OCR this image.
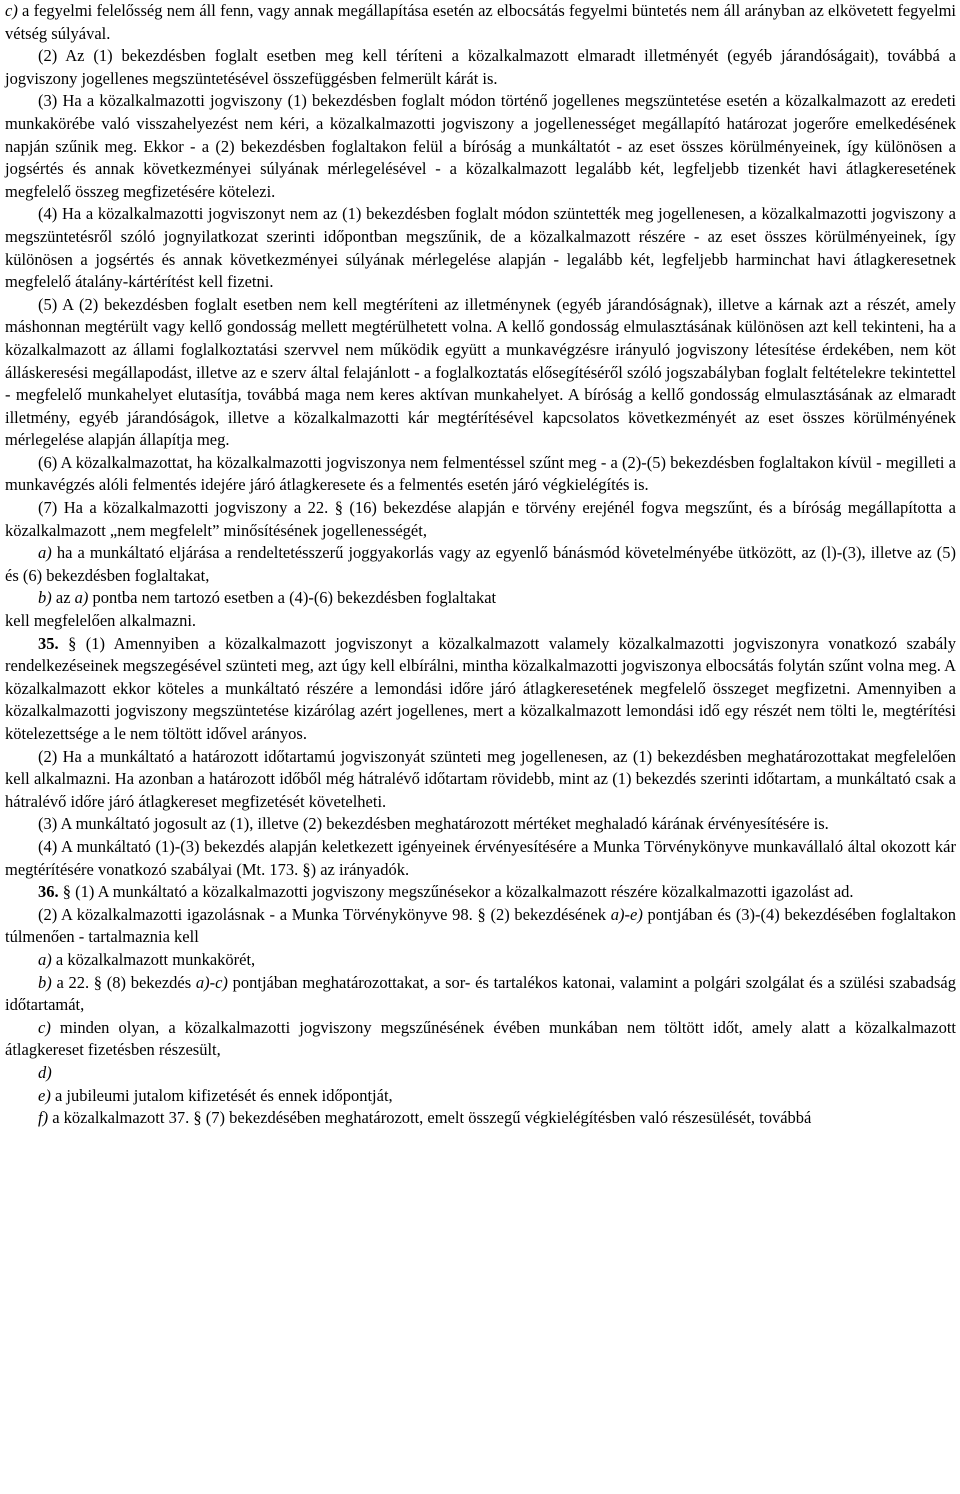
c) a fegyelmi felelősség nem áll fenn, vagy annak megállapítása esetén az elbocsátás fegyelmi büntetés nem áll arányban az elkövetett fegyelmi vétség súlyával.

(2) Az (1) bekezdésben foglalt esetben meg kell téríteni a közalkalmazott elmaradt illetményét (egyéb járandóságait), továbbá a jogviszony jogellenes megszüntetésével összefüggésben felmerült kárát is.

(3) Ha a közalkalmazotti jogviszony (1) bekezdésben foglalt módon történő jogellenes megszüntetése esetén a közalkalmazott az eredeti munkakörébe való visszahelyezést nem kéri, a közalkalmazotti jogviszony a jogellenességet megállapító határozat jogerőre emelkedésének napján szűnik meg. Ekkor - a (2) bekezdésben foglaltakon felül a bíróság a munkáltatót - az eset összes körülményeinek, így különösen a jogsértés és annak következményei súlyának mérlegelésével - a közalkalmazott legalább két, legfeljebb tizenkét havi átlagkeresetének megfelelő összeg megfizetésére kötelezi.

(4) Ha a közalkalmazotti jogviszonyt nem az (1) bekezdésben foglalt módon szüntették meg jogellenesen, a közalkalmazotti jogviszony a megszüntetésről szóló jognyilatkozat szerinti időpontban megszűnik, de a közalkalmazott részére - az eset összes körülményeinek, így különösen a jogsértés és annak következményei súlyának mérlegelése alapján - legalább két, legfeljebb harminchat havi átlagkeresetnek megfelelő átalány-kártérítést kell fizetni.

(5) A (2) bekezdésben foglalt esetben nem kell megtéríteni az illetménynek (egyéb járandóságnak), illetve a kárnak azt a részét, amely máshonnan megtérült vagy kellő gondosság mellett megtérülhetett volna. A kellő gondosság elmulasztásának különösen azt kell tekinteni, ha a közalkalmazott az állami foglalkoztatási szervvel nem működik együtt a munkavégzésre irányuló jogviszony létesítése érdekében, nem köt álláskeresési megállapodást, illetve az e szerv által felajánlott - a foglalkoztatás elősegítéséről szóló jogszabályban foglalt feltételekre tekintettel - megfelelő munkahelyet elutasítja, továbbá maga nem keres aktívan munkahelyet. A bíróság a kellő gondosság elmulasztásának az elmaradt illetmény, egyéb járandóságok, illetve a közalkalmazotti kár megtérítésével kapcsolatos következményét az eset összes körülményének mérlegelése alapján állapítja meg.

(6) A közalkalmazottat, ha közalkalmazotti jogviszonya nem felmentéssel szűnt meg - a (2)-(5) bekezdésben foglaltakon kívül - megilleti a munkavégzés alóli felmentés idejére járó átlagkeresete és a felmentés esetén járó végkielégítés is.

(7) Ha a közalkalmazotti jogviszony a 22. § (16) bekezdése alapján e törvény erejénél fogva megszűnt, és a bíróság megállapította a közalkalmazott „nem megfelelt” minősítésének jogellenességét,

a) ha a munkáltató eljárása a rendeltetésszerű joggyakorlás vagy az egyenlő bánásmód követelményébe ütközött, az (l)-(3), illetve az (5) és (6) bekezdésben foglaltakat,

b) az a) pontba nem tartozó esetben a (4)-(6) bekezdésben foglaltakat

kell megfelelően alkalmazni.

35. § (1) Amennyiben a közalkalmazott jogviszonyt a közalkalmazott valamely közalkalmazotti jogviszonyra vonatkozó szabály rendelkezéseinek megszegésével szünteti meg, azt úgy kell elbírálni, mintha közalkalmazotti jogviszonya elbocsátás folytán szűnt volna meg. A közalkalmazott ekkor köteles a munkáltató részére a lemondási időre járó átlagkeresetének megfelelő összeget megfizetni. Amennyiben a közalkalmazotti jogviszony megszüntetése kizárólag azért jogellenes, mert a közalkalmazott lemondási idő egy részét nem tölti le, megtérítési kötelezettsége a le nem töltött idővel arányos.

(2) Ha a munkáltató a határozott időtartamú jogviszonyát szünteti meg jogellenesen, az (1) bekezdésben meghatározottakat megfelelően kell alkalmazni. Ha azonban a határozott időből még hátralévő időtartam rövidebb, mint az (1) bekezdés szerinti időtartam, a munkáltató csak a hátralévő időre járó átlagkereset megfizetését követelheti.

(3) A munkáltató jogosult az (1), illetve (2) bekezdésben meghatározott mértéket meghaladó kárának érvényesítésére is.

(4) A munkáltató (1)-(3) bekezdés alapján keletkezett igényeinek érvényesítésére a Munka Törvénykönyve munkavállaló által okozott kár megtérítésére vonatkozó szabályai (Mt. 173. §) az irányadók.

36. § (1) A munkáltató a közalkalmazotti jogviszony megszűnésekor a közalkalmazott részére közalkalmazotti igazolást ad.

(2) A közalkalmazotti igazolásnak - a Munka Törvénykönyve 98. § (2) bekezdésének a)-e) pontjában és (3)-(4) bekezdésében foglaltakon túlmenően - tartalmaznia kell

a) a közalkalmazott munkakörét,

b) a 22. § (8) bekezdés a)-c) pontjában meghatározottakat, a sor- és tartalékos katonai, valamint a polgári szolgálat és a szülési szabadság időtartamát,

c) minden olyan, a közalkalmazotti jogviszony megszűnésének évében munkában nem töltött időt, amely alatt a közalkalmazott átlagkereset fizetésben részesült,

d)

e) a jubileumi jutalom kifizetését és ennek időpontját,

f) a közalkalmazott 37. § (7) bekezdésében meghatározott, emelt összegű végkielégítésben való részesülését, továbbá
